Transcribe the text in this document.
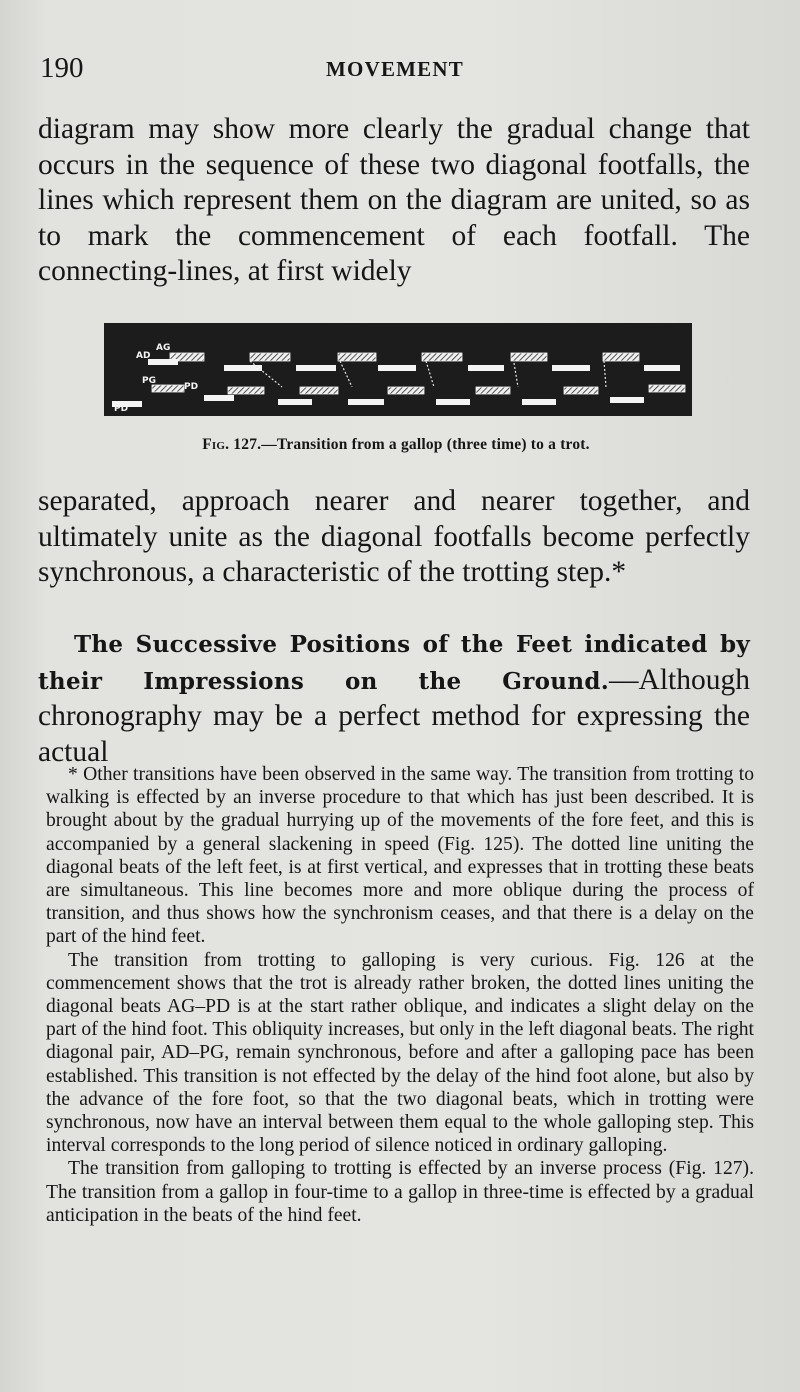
190	MOVEMENT

diagram may show more clearly the gradual change that occurs in the sequence of these two diagonal footfalls, the lines which represent them on the diagram are united, so as to mark the commencement of each footfall. The connecting-lines, at first widely

AD
AG
PG
PD
PD
Fig. 127.—Transition from a gallop (three time) to a trot.

separated, approach nearer and nearer together, and ultimately unite as the diagonal footfalls become perfectly synchronous, a characteristic of the trotting step.*

The Successive Positions of the Feet indicated by their Impressions on the Ground.—Although chronography may be a perfect method for expressing the actual

* Other transitions have been observed in the same way. The transition from trotting to walking is effected by an inverse procedure to that which has just been described. It is brought about by the gradual hurrying up of the movements of the fore feet, and this is accompanied by a general slackening in speed (Fig. 125). The dotted line uniting the diagonal beats of the left feet, is at first vertical, and expresses that in trotting these beats are simultaneous. This line becomes more and more oblique during the process of transition, and thus shows how the synchronism ceases, and that there is a delay on the part of the hind feet.

The transition from trotting to galloping is very curious. Fig. 126 at the commencement shows that the trot is already rather broken, the dotted lines uniting the diagonal beats AG–PD is at the start rather oblique, and indicates a slight delay on the part of the hind foot. This obliquity increases, but only in the left diagonal beats. The right diagonal pair, AD–PG, remain synchronous, before and after a galloping pace has been established. This transition is not effected by the delay of the hind foot alone, but also by the advance of the fore foot, so that the two diagonal beats, which in trotting were synchronous, now have an interval between them equal to the whole galloping step. This interval corresponds to the long period of silence noticed in ordinary galloping.

The transition from galloping to trotting is effected by an inverse process (Fig. 127). The transition from a gallop in four-time to a gallop in three-time is effected by a gradual anticipation in the beats of the hind feet.
